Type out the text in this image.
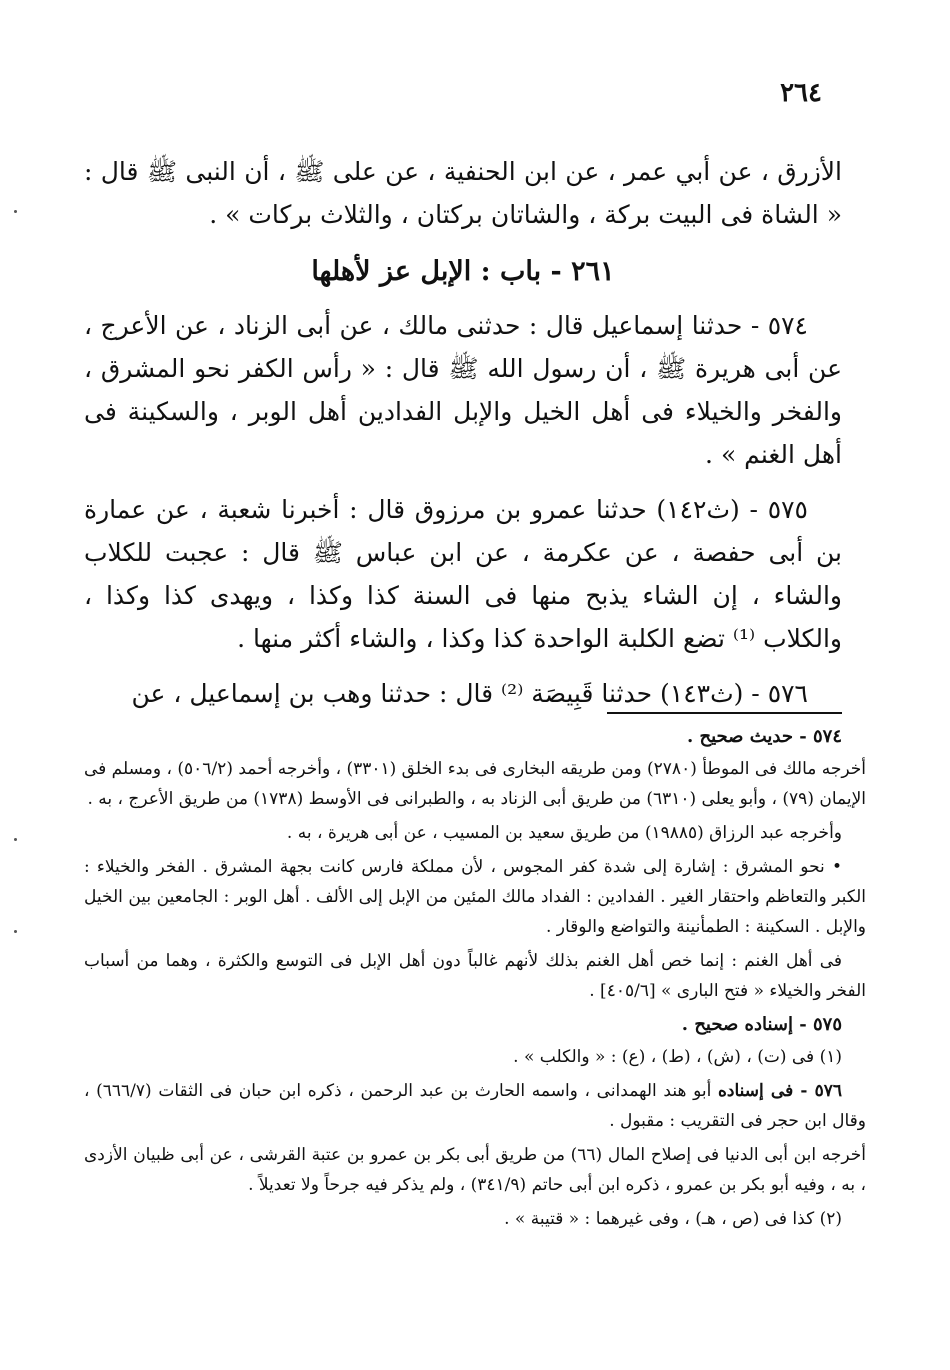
٢٦٤

الأزرق ، عن أبي عمر ، عن ابن الحنفية ، عن على ﷺ ، أن النبى ﷺ قال : « الشاة فى البيت بركة ، والشاتان بركتان ، والثلاث بركات » .

٢٦١ - باب : الإبل عز لأهلها

٥٧٤ - حدثنا إسماعيل قال : حدثنى مالك ، عن أبى الزناد ، عن الأعرج ، عن أبى هريرة ﷺ ، أن رسول الله ﷺ قال : « رأس الكفر نحو المشرق ، والفخر والخيلاء فى أهل الخيل والإبل الفدادين أهل الوبر ، والسكينة فى أهل الغنم » .

٥٧٥ - (ث١٤٢) حدثنا عمرو بن مرزوق قال : أخبرنا شعبة ، عن عمارة بن أبى حفصة ، عن عكرمة ، عن ابن عباس ﷺ قال : عجبت للكلاب والشاء ، إن الشاء يذبح منها فى السنة كذا وكذا ، ويهدى كذا وكذا ، والكلاب ⁽¹⁾ تضع الكلبة الواحدة كذا وكذا ، والشاء أكثر منها .

٥٧٦ - (ث١٤٣) حدثنا قَبِيصَة ⁽²⁾ قال : حدثنا وهب بن إسماعيل ، عن

٥٧٤ - حديث صحيح .

أخرجه مالك فى الموطأ (٢٧٨٠) ومن طريقه البخارى فى بدء الخلق (٣٣٠١) ، وأخرجه أحمد (٥٠٦/٢) ، ومسلم فى الإيمان (٧٩) ، وأبو يعلى (٦٣١٠) من طريق أبى الزناد به ، والطبرانى فى الأوسط (١٧٣٨) من طريق الأعرج ، به .

وأخرجه عبد الرزاق (١٩٨٨٥) من طريق سعيد بن المسيب ، عن أبى هريرة ، به .

• نحو المشرق : إشارة إلى شدة كفر المجوس ، لأن مملكة فارس كانت بجهة المشرق . الفخر والخيلاء : الكبر والتعاظم واحتقار الغير . الفدادين : الفداد مالك المئين من الإبل إلى الألف . أهل الوبر : الجامعين بين الخيل والإبل . السكينة : الطمأنينة والتواضع والوقار .

فى أهل الغنم : إنما خص أهل الغنم بذلك لأنهم غالباً دون أهل الإبل فى التوسع والكثرة ، وهما من أسباب الفخر والخيلاء « فتح البارى » [٤٠٥/٦] .

٥٧٥ - إسناده صحيح .

(١) فى (ت) ، (ش) ، (ط) ، (ع) : « والكلب » .

٥٧٦ - فى إسناده أبو هند الهمدانى ، واسمه الحارث بن عبد الرحمن ، ذكره ابن حبان فى الثقات (٦٦٦/٧) ، وقال ابن حجر فى التقريب : مقبول .

أخرجه ابن أبى الدنيا فى إصلاح المال (٦٦) من طريق أبى بكر بن عمرو بن عتبة القرشى ، عن أبى ظبيان الأزدى ، به ، وفيه أبو بكر بن عمرو ، ذكره ابن أبى حاتم (٣٤١/٩) ، ولم يذكر فيه جرحاً ولا تعديلاً .

(٢) كذا فى (ص ، هـ) ، وفى غيرهما : « قتيبة » .
